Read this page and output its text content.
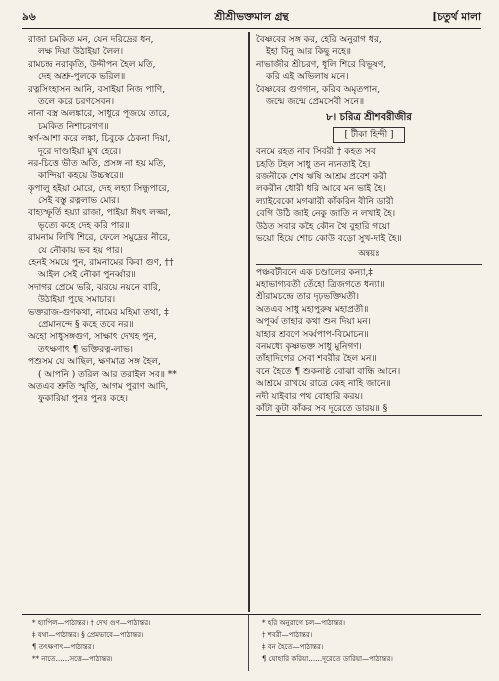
৯৬	শ্রীশ্রীভক্তমাল গ্রন্থ	[চতুর্থ মালা
রাজা চমকিত মন, যেন দরিদ্রের ধন,
লক্ষ দিয়া উঠাইয়া লৈল।
রামচন্দ্র নরাকৃতি, উদ্দীপন হৈল মতি,
দেহ অশ্রু-পুলকে ভরিল॥
রত্নসিংহাসন আনি, বসাইয়া নিজ পাণি,
তলে করে চরণসেবন।
নানা বস্ত্র অলঙ্কারে, সাধুরে পূজয়ে তারে,
চমকিত নিশাচরগণ॥
স্বর্ণ-আশা করে লঙ্কা, চিবুকে ঠেকনা দিয়া,
দূরে দাণ্ডাইয়া মুখ হেরে।
নর-চিত্তে ভীত অতি, প্রসঙ্গ না হয় মতি,
কান্দিয়া কহয়ে উচ্চস্বরে॥
কৃপালু হইয়া মোরে, দেহ লহ্যা সিন্ধুপারে,
সেই বস্তু রত্নলাভ মোর।
বাহ্যস্ফূর্তি হয়্যা রাজা, পাইয়া ঈষৎ লজ্জা,
ভৃত্যে কহে দেহ করি পার॥
রামনাম লিখি শিরে, ফেলে সমুদ্রের নীরে,
যে নৌকায় ভব হয় পার।
হেনই সময়ে পুন, রামনামের কিবা গুণ, ††
আইল সেই নৌকা পুনর্ব্বার॥
সদাগর প্রেমে ভরি, ঝরয়ে নয়নে বারি,
উঠাইয়া পুছে সমাচার।
ভক্তরাজ-গুণকথা, নামের মহিমা তথা, ‡
প্রেমানন্দে § কহে তবে নর॥
অহো সাধুসঙ্গগুণ, সাক্ষাৎ দেখহ পুন,
তৎক্ষণাৎ ¶ ভক্তিরত্ন-লাভ।
পশুসম যে আছিল, ক্ষণমাত্র সঙ্গ হৈল,
( আপনি ) তরিল আর তরাইল সব॥ **
অতএব শ্রুতি স্মৃতি, আগম পুরাণ আদি,
ফুকারিয়া পুনঃ পুনঃ কহে।
বৈষ্ণবের সঙ্গ কর, হেরি অনুরাগ ধর,
ইহা বিনু আর কিছু নহে॥
নাভাজীর শ্রীচরণ, ধূলি শিরে বিভূষণ,
করি এই অভিলাষ মনে।
বৈষ্ণবের গুণগান, করিব অমৃতপান,
জন্মে জন্মে প্রেমসেবী সনে॥
৮। চরিত্র শ্রীশবরীজীর
[ টীকা হিন্দী ]
বনমে রহত নাব সিবরী † কহত সব
চহতি টহল সাধু তন ন্যনতাই হৈ।
রজনীকে শেষ ঋষি আশ্রম প্রবেশ করী
লকরীন ধোরী ধরি আবে মন ভাই হৈ।
ল্যাইবেকো মগঝারী কাঁকরিন বীনি ডারী
বেগি উঠি জাই নেকু জাতি ন লখাই হৈ।
উঠত সবার কহৈ কৌন থৈ বুহারি গয়ো
ভয়ো হিয়ে শোচ কোউ বড়ো সুখ-দাই হৈ॥
অন্বয়ঃ
পঞ্চবটীবনে এক চণ্ডালের কন্যা,‡
মহাভাগ্যবতী তেঁহো ত্রিজগতে ধন্যা॥
শ্রীরামচন্দ্রে তার দৃঢ়ভক্তিমতী।
অতএব সাধু মহাপুরুষ মহাপ্রতী॥
অপূর্ব্ব তাহার কথা শুন দিয়া মন।
যাহার শ্রবণে সর্ব্বপাপ-বিমোচন॥
বনমধ্যে কৃষ্ণভক্ত সাধু মুনিগণ।
তাঁহাদিগের সেবা শবরীর হৈল মন॥
বনে হৈতে ¶ শুকনাষ্ঠ বোঝা বান্ধি আনে।
আশ্রমে রাখয়ে রাত্রে কেহ নাহি জানে॥
নদী যাইবার পথ বোহারি করয়।
কাঁটা কুটা কাঁকর সব দূরেতে ডারয়॥ §
* হ্যাপিল—পাঠান্তর। † দেখ গুণ—পাঠান্তর।
‡ যথা—পাঠান্তর। § প্রেমভাবে—পাঠান্তর।
¶ তৎক্ষণাৎ—পাঠান্তর।
** নাতে……সত্তে—পাঠান্তর।
* হরি অনুরাগে চল—পাঠান্তর।
† শবরী—পাঠান্তর।
‡ বন হৈতে—পাঠান্তর।
¶ যোহারি করিয়া……দূরেতে ডারিয়া—পাঠান্তর।
